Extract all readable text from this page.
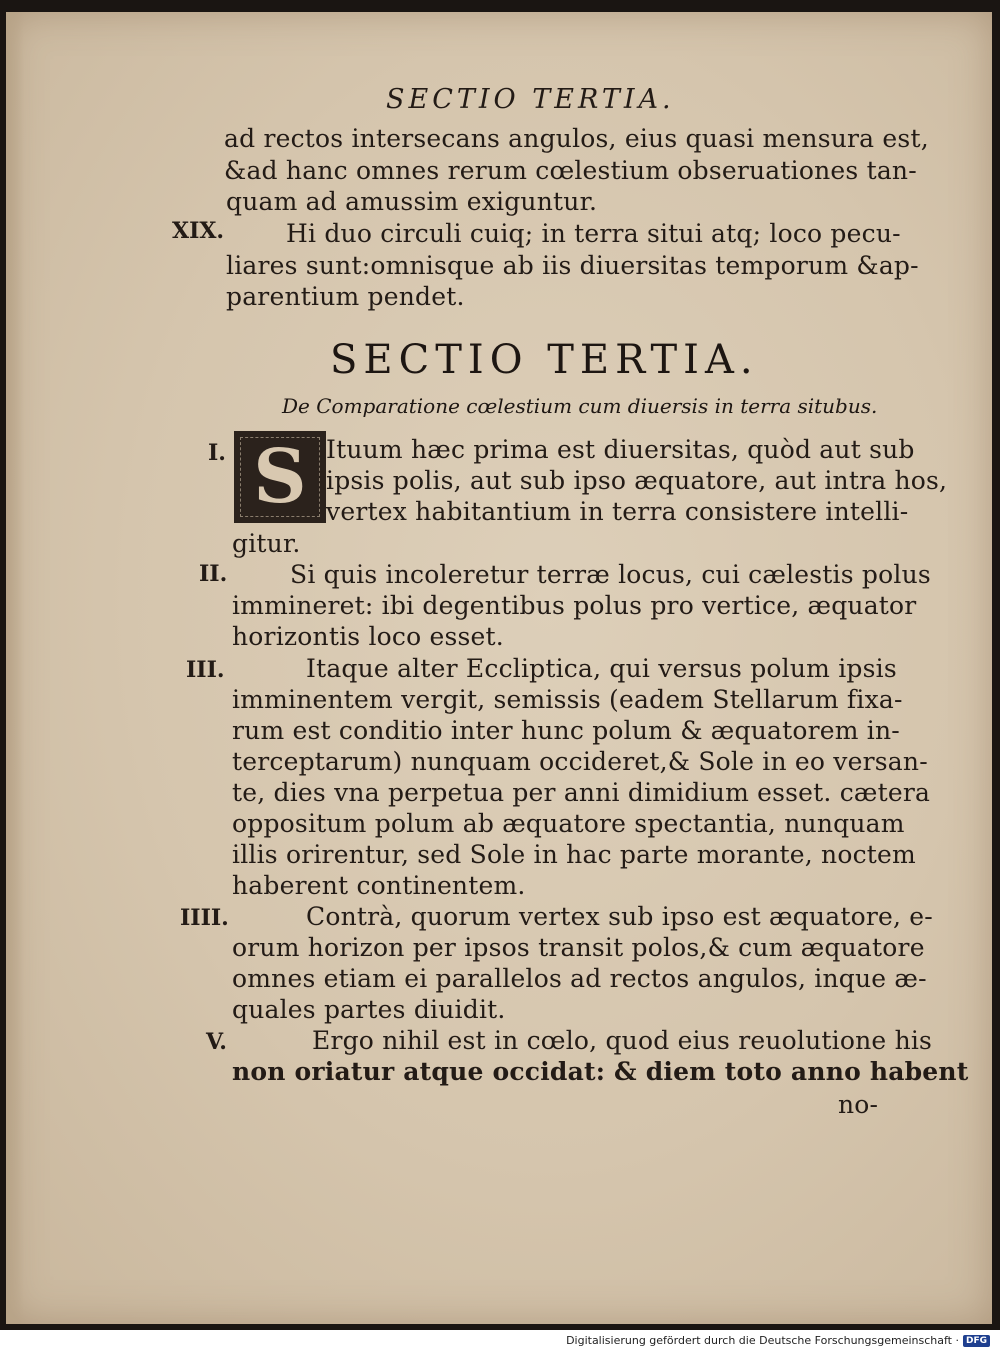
SECTIO TERTIA.
ad rectos intersecans angulos, eius quasi mensura est,
&ad hanc omnes rerum cœlestium obseruationes tan-
quam ad amussim exiguntur.
XIX. Hi duo circuli cuiq; in terra situi atq; loco pecu-
liares sunt:omnisque ab iis diuersitas temporum &ap-
parentium pendet.
SECTIO TERTIA.
De Comparatione cœlestium cum diuersis in terra situbus.
I. S Ituum hæc prima est diuersitas, quòd aut sub
ipsis polis, aut sub ipso æquatore, aut intra hos,
vertex habitantium in terra consistere intelli-
gitur.
II.	Si quis incoleretur terræ locus, cui cælestis polus
immineret: ibi degentibus polus pro vertice, æquator
horizontis loco esset.
III.	Itaque alter Eccliptica, qui versus polum ipsis
imminentem vergit, semissis (eadem Stellarum fixa-
rum est conditio inter hunc polum & æquatorem in-
terceptarum) nunquam occideret,& Sole in eo versan-
te, dies vna perpetua per anni dimidium esset. cætera
oppositum polum ab æquatore spectantia, nunquam
illis orirentur, sed Sole in hac parte morante, noctem
haberent continentem.
IIII.	Contrà, quorum vertex sub ipso est æquatore, e-
orum horizon per ipsos transit polos,& cum æquatore
omnes etiam ei parallelos ad rectos angulos, inque æ-
quales partes diuidit.
V.	Ergo nihil est in cœlo, quod eius reuolutione his
non oriatur atque occidat: & diem toto anno habent
no-
Digitalisierung gefördert durch die Deutsche Forschungsgemeinschaft · DFG
